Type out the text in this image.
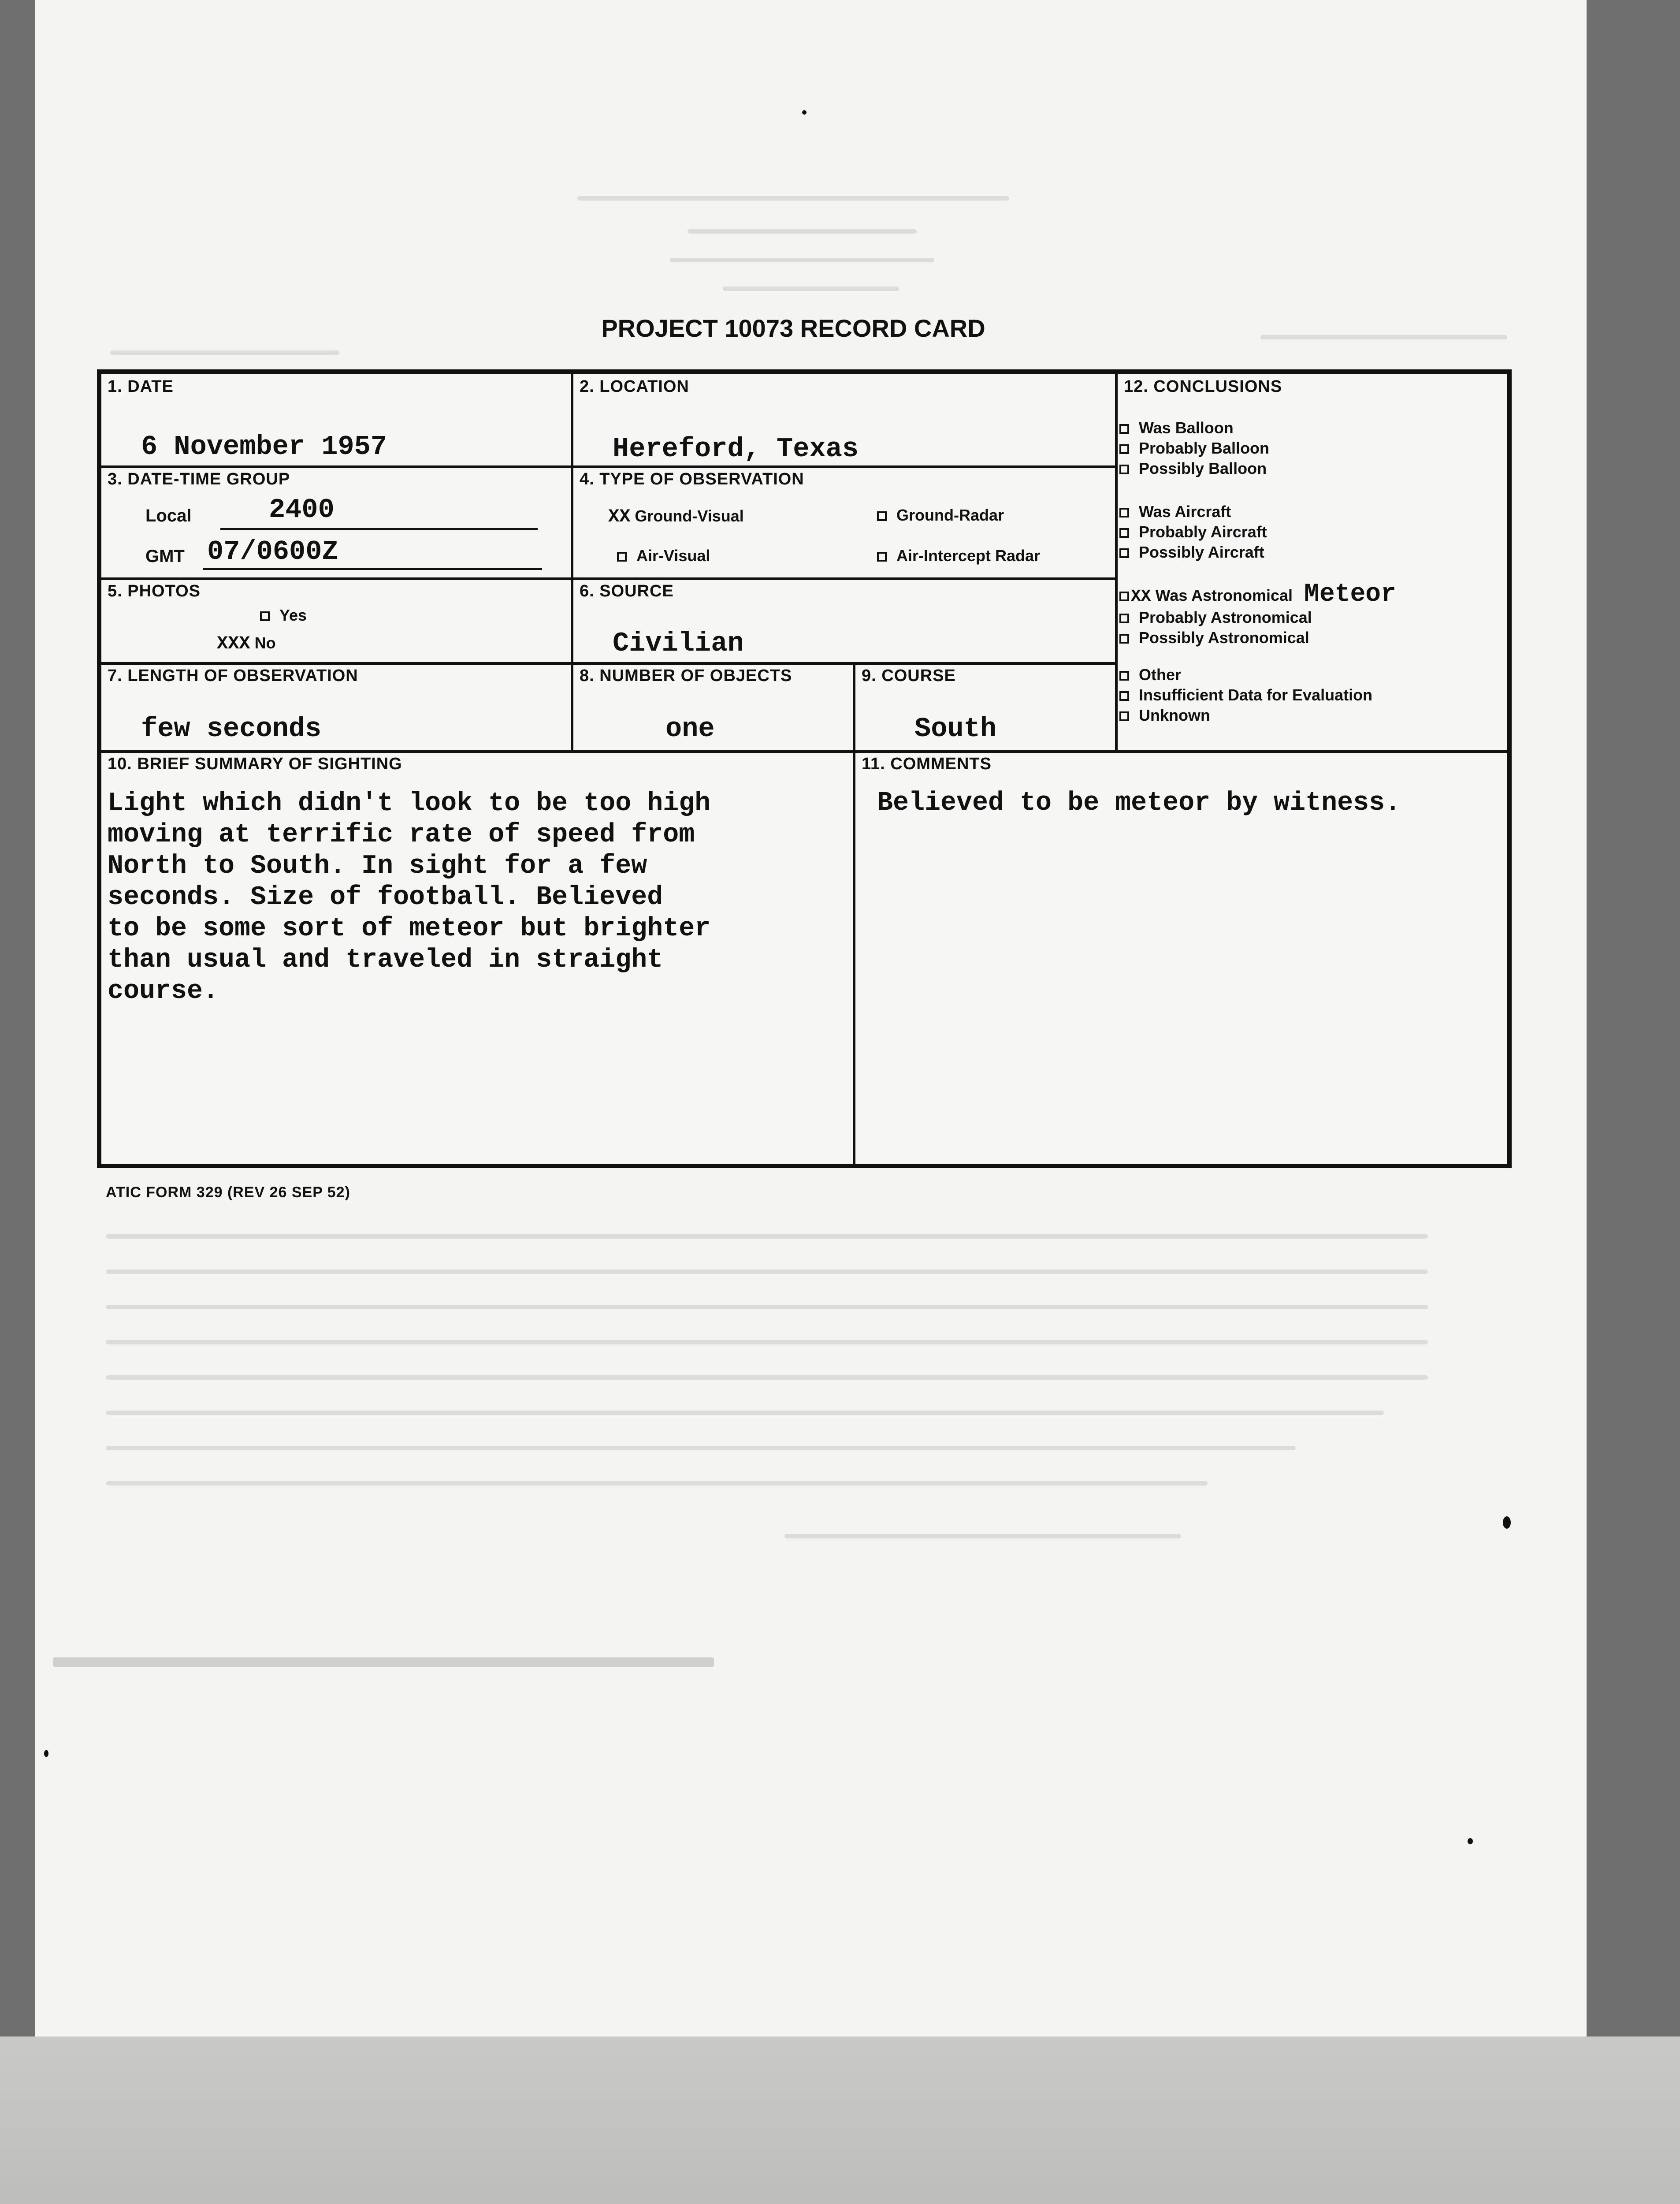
PROJECT 10073 RECORD CARD
1. DATE
6 November 1957
2. LOCATION
Hereford, Texas
3. DATE-TIME GROUP
Local	2400
GMT 07/0600Z
4. TYPE OF OBSERVATION
XX Ground-Visual	Ground-Radar
Air-Visual	Air-Intercept Radar
5. PHOTOS
Yes
XXX No
6. SOURCE
Civilian
7. LENGTH OF OBSERVATION
few seconds
8. NUMBER OF OBJECTS
one
9. COURSE
South
10. BRIEF SUMMARY OF SIGHTING
Light which didn't look to be too high
moving at terrific rate of speed from
North to South. In sight for a few
seconds. Size of football. Believed
to be some sort of meteor but brighter
than usual and traveled in straight
course.
11. COMMENTS
Believed to be meteor by witness.
12. CONCLUSIONS
Was Balloon
Probably Balloon
Possibly Balloon
Was Aircraft
Probably Aircraft
Possibly Aircraft
XX Was Astronomical Meteor
Probably Astronomical
Possibly Astronomical
Other
Insufficient Data for Evaluation
Unknown
ATIC FORM 329 (REV 26 SEP 52)
